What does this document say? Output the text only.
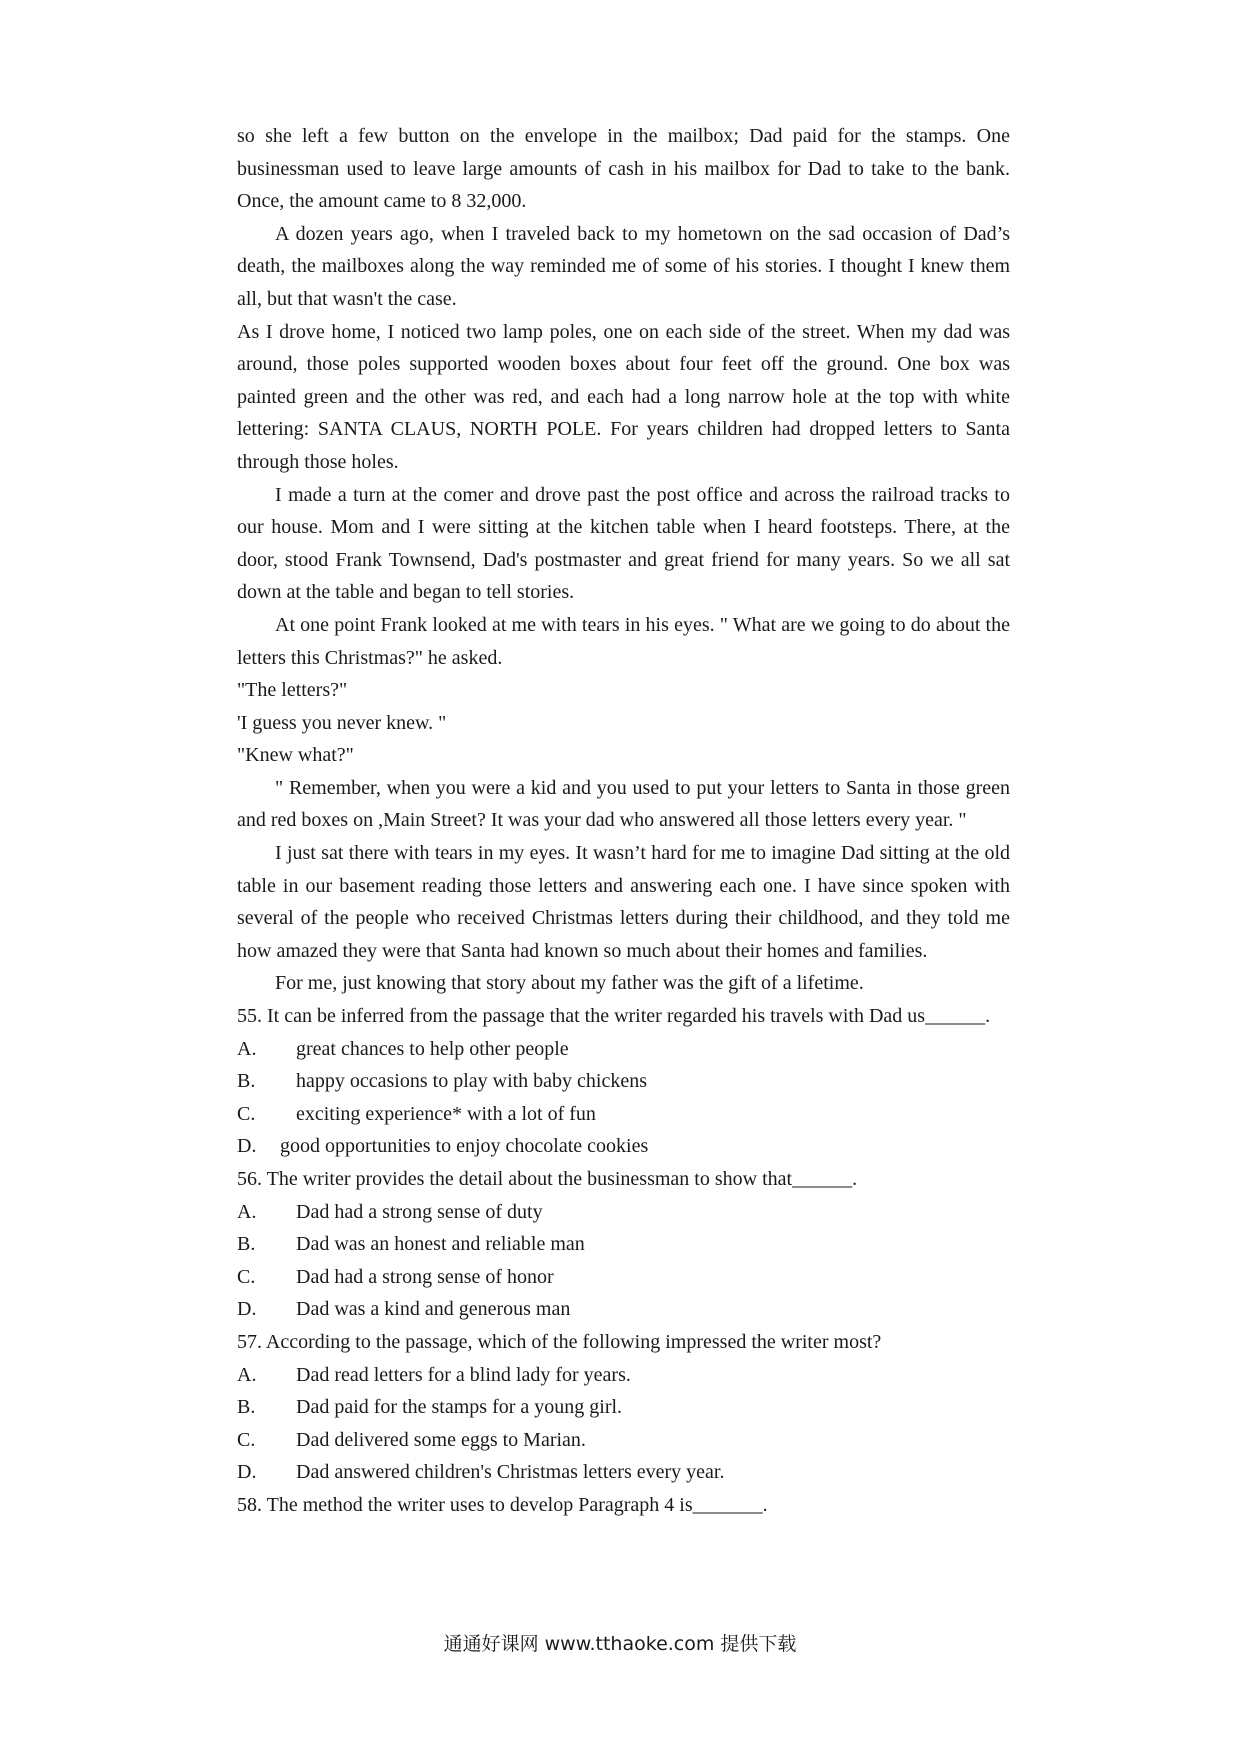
so she left a few button on the envelope in the mailbox; Dad paid for the stamps. One businessman used to leave large amounts of cash in his mailbox for Dad to take to the bank. Once, the amount came to 8 32,000.

A dozen years ago, when I traveled back to my hometown on the sad occasion of Dad’s death, the mailboxes along the way reminded me of some of his stories. I thought I knew them all, but that wasn't the case.

As I drove home, I noticed two lamp poles, one on each side of the street. When my dad was around, those poles supported wooden boxes about four feet off the ground. One box was painted green and the other was red, and each had a long narrow hole at the top with white lettering: SANTA CLAUS, NORTH POLE. For years children had dropped letters to Santa through those holes.

I made a turn at the comer and drove past the post office and across the railroad tracks to our house. Mom and I were sitting at the kitchen table when I heard footsteps. There, at the door, stood Frank Townsend, Dad's postmaster and great friend for many years. So we all sat down at the table and began to tell stories.

At one point Frank looked at me with tears in his eyes. " What are we going to do about the letters this Christmas?" he asked.

"The letters?"

'I guess you never knew. "

"Knew what?"

" Remember, when you were a kid and you used to put your letters to Santa in those green and red boxes on ,Main Street? It was your dad who answered all those letters every year. "

I just sat there with tears in my eyes. It wasn’t hard for me to imagine Dad sitting at the old table in our basement reading those letters and answering each one. I have since spoken with several of the people who received Christmas letters during their childhood, and they told me how amazed they were that Santa had known so much about their homes and families.

For me, just knowing that story about my father was the gift of a lifetime.

55. It can be inferred from the passage that the writer regarded his travels with Dad us______.

A.	great chances to help other people
B.	happy occasions to play with baby chickens
C.	exciting experience* with a lot of fun
D.	good opportunities to enjoy chocolate cookies

56. The writer provides the detail about the businessman to show that______.

A.	Dad had a strong sense of duty
B.	Dad was an honest and reliable man
C.	Dad had a strong sense of honor
D.	Dad was a kind and generous man

57. According to the passage, which of the following impressed the writer most?

A.	Dad read letters for a blind lady for years.
B.	Dad paid for the stamps for a young girl.
C.	Dad delivered some eggs to Marian.
D.	Dad answered children's Christmas letters every year.

58. The method the writer uses to develop Paragraph 4 is_______.

通通好课网 www.tthaoke.com 提供下载
